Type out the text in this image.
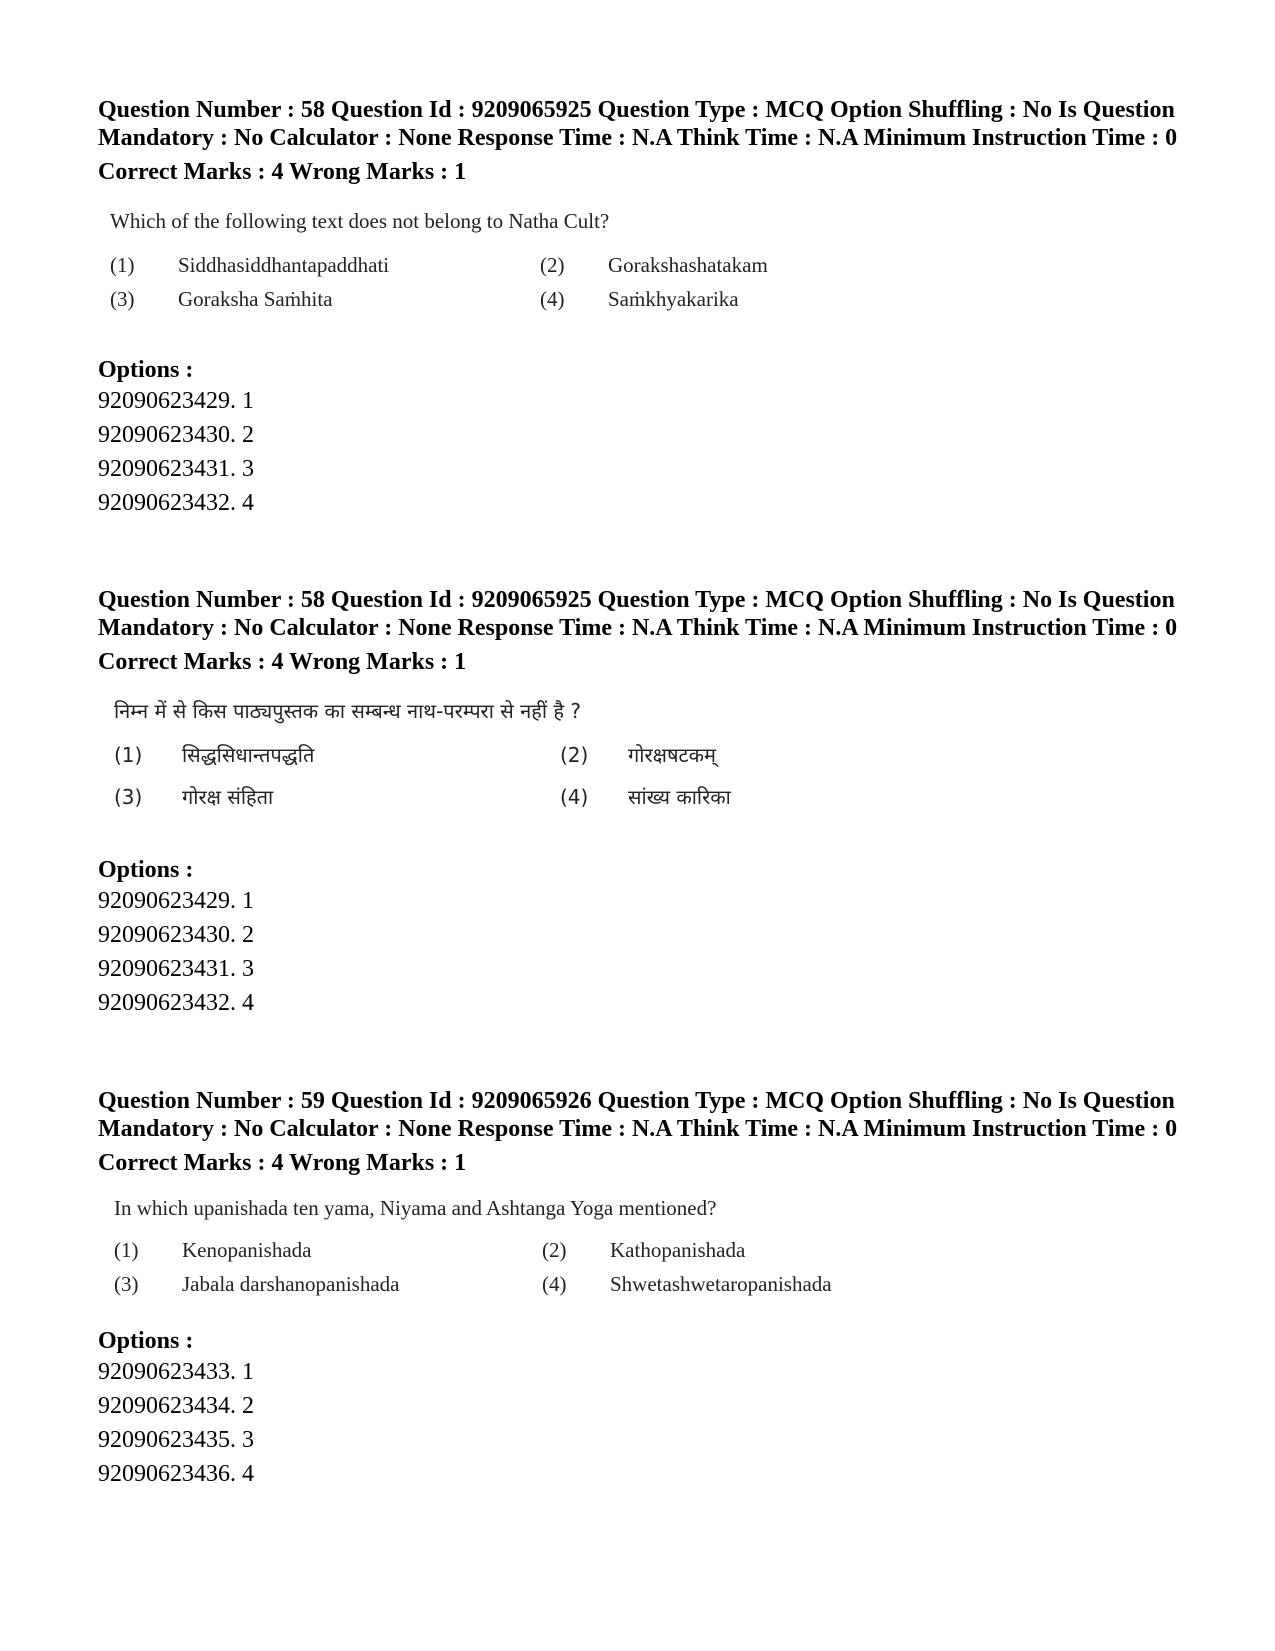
Question Number : 58 Question Id : 9209065925 Question Type : MCQ Option Shuffling : No Is Question Mandatory : No Calculator : None Response Time : N.A Think Time : N.A Minimum Instruction Time : 0
Correct Marks : 4 Wrong Marks : 1
Which of the following text does not belong to Natha Cult?
(1) Siddhasiddhantapaddhati	(2) Gorakshashatakam
(3) Goraksha Saṁhita	(4) Saṁkhyakarika
Options :
92090623429. 1
92090623430. 2
92090623431. 3
92090623432. 4
Question Number : 58 Question Id : 9209065925 Question Type : MCQ Option Shuffling : No Is Question Mandatory : No Calculator : None Response Time : N.A Think Time : N.A Minimum Instruction Time : 0
Correct Marks : 4 Wrong Marks : 1
निम्न में से किस पाठ्यपुस्तक का सम्बन्ध नाथ-परम्परा से नहीं है ?
(1) सिद्धसिधान्तपद्धति	(2) गोरक्षषटकम्
(3) गोरक्ष संहिता	(4) सांख्य कारिका
Options :
92090623429. 1
92090623430. 2
92090623431. 3
92090623432. 4
Question Number : 59 Question Id : 9209065926 Question Type : MCQ Option Shuffling : No Is Question Mandatory : No Calculator : None Response Time : N.A Think Time : N.A Minimum Instruction Time : 0
Correct Marks : 4 Wrong Marks : 1
In which upanishada ten yama, Niyama and Ashtanga Yoga mentioned?
(1) Kenopanishada	(2) Kathopanishada
(3) Jabala darshanopanishada	(4) Shwetashwetaropanishada
Options :
92090623433. 1
92090623434. 2
92090623435. 3
92090623436. 4
